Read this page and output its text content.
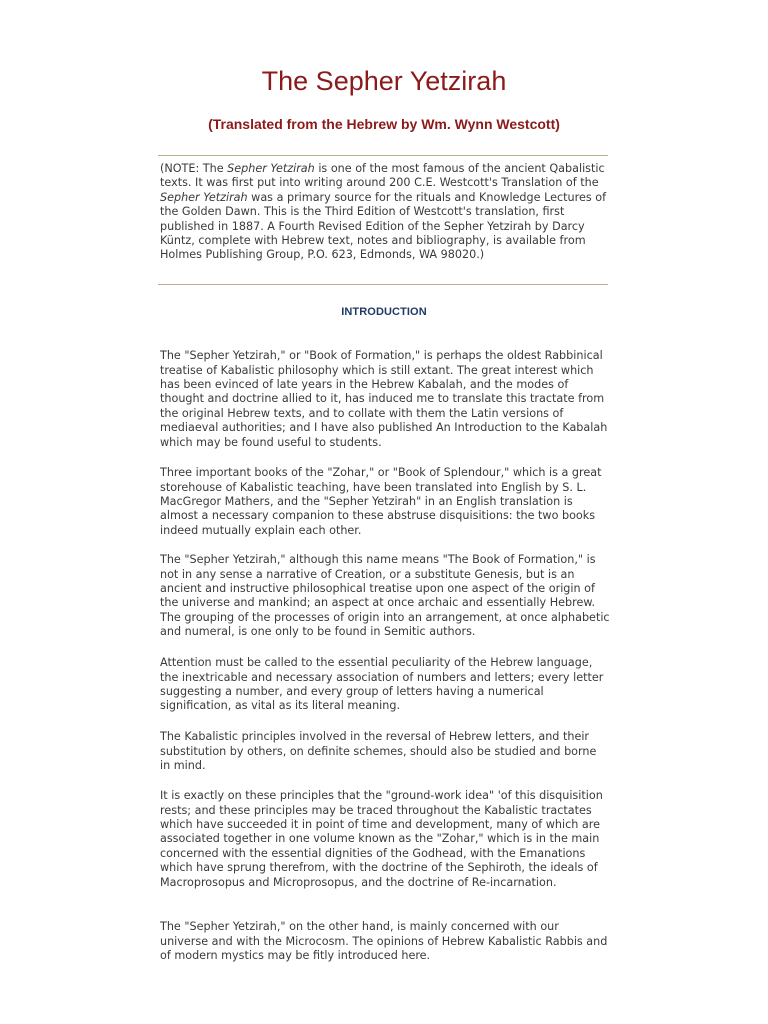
The Sepher Yetzirah
(Translated from the Hebrew by Wm. Wynn Westcott)
(NOTE: The Sepher Yetzirah is one of the most famous of the ancient Qabalistic texts. It was first put into writing around 200 C.E. Westcott's Translation of the Sepher Yetzirah was a primary source for the rituals and Knowledge Lectures of the Golden Dawn. This is the Third Edition of Westcott's translation, first published in 1887. A Fourth Revised Edition of the Sepher Yetzirah by Darcy Küntz, complete with Hebrew text, notes and bibliography, is available from Holmes Publishing Group, P.O. 623, Edmonds, WA 98020.)
INTRODUCTION

The "Sepher Yetzirah," or "Book of Formation," is perhaps the oldest Rabbinical treatise of Kabalistic philosophy which is still extant. The great interest which has been evinced of late years in the Hebrew Kabalah, and the modes of thought and doctrine allied to it, has induced me to translate this tractate from the original Hebrew texts, and to collate with them the Latin versions of mediaeval authorities; and I have also published An Introduction to the Kabalah which may be found useful to students.

Three important books of the "Zohar," or "Book of Splendour," which is a great storehouse of Kabalistic teaching, have been translated into English by S. L. MacGregor Mathers, and the "Sepher Yetzirah" in an English translation is almost a necessary companion to these abstruse disquisitions: the two books indeed mutually explain each other.

The "Sepher Yetzirah," although this name means "The Book of Formation," is not in any sense a narrative of Creation, or a substitute Genesis, but is an ancient and instructive philosophical treatise upon one aspect of the origin of the universe and mankind; an aspect at once archaic and essentially Hebrew. The grouping of the processes of origin into an arrangement, at once alphabetic and numeral, is one only to be found in Semitic authors.

Attention must be called to the essential peculiarity of the Hebrew language, the inextricable and necessary association of numbers and letters; every letter suggesting a number, and every group of letters having a numerical signification, as vital as its literal meaning.

The Kabalistic principles involved in the reversal of Hebrew letters, and their substitution by others, on definite schemes, should also be studied and borne in mind.

It is exactly on these principles that the "ground-work idea" 'of this disquisition rests; and these principles may be traced throughout the Kabalistic tractates which have succeeded it in point of time and development, many of which are associated together in one volume known as the "Zohar," which is in the main concerned with the essential dignities of the Godhead, with the Emanations which have sprung therefrom, with the doctrine of the Sephiroth, the ideals of Macroprosopus and Microprosopus, and the doctrine of Re-incarnation.

The "Sepher Yetzirah," on the other hand, is mainly concerned with our universe and with the Microcosm. The opinions of Hebrew Kabalistic Rabbis and of modern mystics may be fitly introduced here.
